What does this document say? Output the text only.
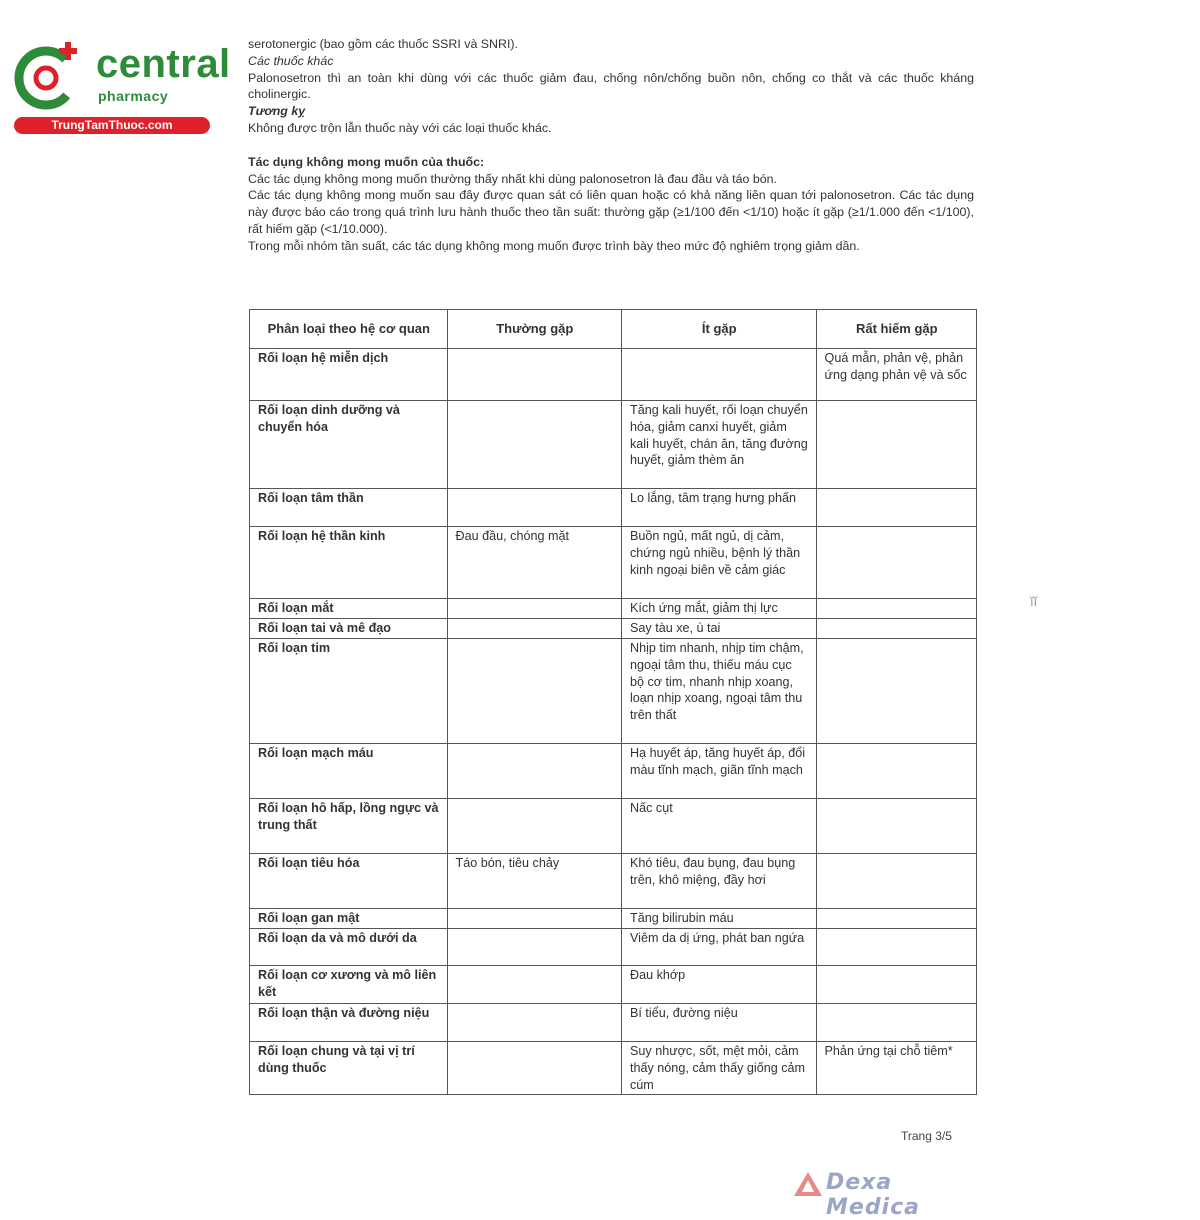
central
pharmacy
TrungTamThuoc.com

serotonergic (bao gồm các thuốc SSRI và SNRI).

Các thuốc khác

Palonosetron thì an toàn khi dùng với các thuốc giảm đau, chống nôn/chống buồn nôn, chống co thắt và các thuốc kháng cholinergic.

Tương kỵ

Không được trộn lẫn thuốc này với các loại thuốc khác.

Tác dụng không mong muốn của thuốc:

Các tác dụng không mong muốn thường thấy nhất khi dùng palonosetron là đau đầu và táo bón.

Các tác dụng không mong muốn sau đây được quan sát có liên quan hoặc có khả năng liên quan tới palonosetron. Các tác dụng này được báo cáo trong quá trình lưu hành thuốc theo tần suất: thường gặp (≥1/100 đến <1/10) hoặc ít gặp (≥1/1.000 đến <1/100), rất hiếm gặp (<1/10.000).

Trong mỗi nhóm tần suất, các tác dụng không mong muốn được trình bày theo mức độ nghiêm trọng giảm dần.

Phân loại theo hệ cơ quan	Thường gặp	Ít gặp	Rất hiếm gặp
Rối loạn hệ miễn dịch			Quá mẫn, phản vệ, phản ứng dạng phản vệ và sốc
Rối loạn dinh dưỡng và chuyển hóa		Tăng kali huyết, rối loạn chuyển hóa, giảm canxi huyết, giảm kali huyết, chán ăn, tăng đường huyết, giảm thèm ăn	
Rối loạn tâm thần		Lo lắng, tâm trạng hưng phấn	
Rối loạn hệ thần kinh	Đau đầu, chóng mặt	Buồn ngủ, mất ngủ, dị cảm, chứng ngủ nhiều, bệnh lý thần kinh ngoại biên về cảm giác	
Rối loạn mắt		Kích ứng mắt, giảm thị lực	
Rối loạn tai và mê đạo		Say tàu xe, ù tai	
Rối loạn tim		Nhịp tim nhanh, nhịp tim chậm, ngoại tâm thu, thiếu máu cục bộ cơ tim, nhanh nhịp xoang, loạn nhịp xoang, ngoại tâm thu trên thất	
Rối loạn mạch máu		Hạ huyết áp, tăng huyết áp, đổi màu tĩnh mạch, giãn tĩnh mạch	
Rối loạn hô hấp, lồng ngực và trung thất		Nấc cụt	
Rối loạn tiêu hóa	Táo bón, tiêu chảy	Khó tiêu, đau bụng, đau bụng trên, khô miệng, đầy hơi	
Rối loạn gan mật		Tăng bilirubin máu	
Rối loạn da và mô dưới da		Viêm da dị ứng, phát ban ngứa	
Rối loạn cơ xương và mô liên kết		Đau khớp	
Rối loạn thận và đường niệu		Bí tiểu, đường niệu	
Rối loạn chung và tại vị trí dùng thuốc		Suy nhược, sốt, mệt mỏi, cảm thấy nóng, cảm thấy giống cảm cúm	Phản ứng tại chỗ tiêm*
ĭĭ
Trang 3/5
Dexa Medica
